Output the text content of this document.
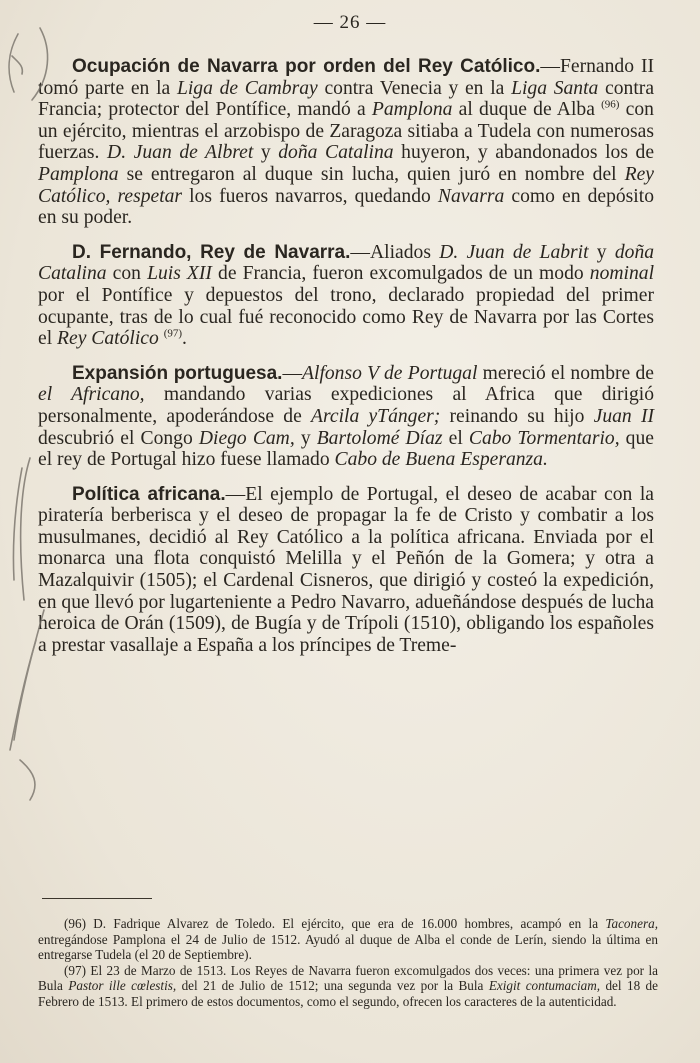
— 26 —

Ocupación de Navarra por orden del Rey Católico.—Fernando II tomó parte en la Liga de Cambray contra Venecia y en la Liga Santa contra Francia; protector del Pontífice, mandó a Pamplona al duque de Alba $^{(96)}$ con un ejército, mientras el arzobispo de Zaragoza sitiaba a Tudela con numerosas fuerzas. D. Juan de Albret y doña Catalina huyeron, y abandonados los de Pamplona se entregaron al duque sin lucha, quien juró en nombre del Rey Católico, respetar los fueros navarros, quedando Navarra como en depósito en su poder.

D. Fernando, Rey de Navarra.—Aliados D. Juan de Labrit y doña Catalina con Luis XII de Francia, fueron excomulgados de un modo nominal por el Pontífice y depuestos del trono, declarado propiedad del primer ocupante, tras de lo cual fué reconocido como Rey de Navarra por las Cortes el Rey Católico $^{(97)}$.

Expansión portuguesa.—Alfonso V de Portugal mereció el nombre de el Africano, mandando varias expediciones al Africa que dirigió personalmente, apoderándose de Arcila yTánger; reinando su hijo Juan II descubrió el Congo Diego Cam, y Bartolomé Díaz el Cabo Tormentario, que el rey de Portugal hizo fuese llamado Cabo de Buena Esperanza.

Política africana.—El ejemplo de Portugal, el deseo de acabar con la piratería berberisca y el deseo de propagar la fe de Cristo y combatir a los musulmanes, decidió al Rey Católico a la política africana. Enviada por el monarca una flota conquistó Melilla y el Peñón de la Gomera; y otra a Mazalquivir (1505); el Cardenal Cisneros, que dirigió y costeó la expedición, en que llevó por lugarteniente a Pedro Navarro, adueñándose después de lucha heroica de Orán (1509), de Bugía y de Trípoli (1510), obligando los españoles a prestar vasallaje a España a los príncipes de Treme-

(96) D. Fadrique Alvarez de Toledo. El ejército, que era de 16.000 hombres, acampó en la Taconera, entregándose Pamplona el 24 de Julio de 1512. Ayudó al duque de Alba el conde de Lerín, siendo la última en entregarse Tudela (el 20 de Septiembre).

(97) El 23 de Marzo de 1513. Los Reyes de Navarra fueron excomulgados dos veces: una primera vez por la Bula Pastor ille cœlestis, del 21 de Julio de 1512; una segunda vez por la Bula Exigit contumaciam, del 18 de Febrero de 1513. El primero de estos documentos, como el segundo, ofrecen los caracteres de la autenticidad.
